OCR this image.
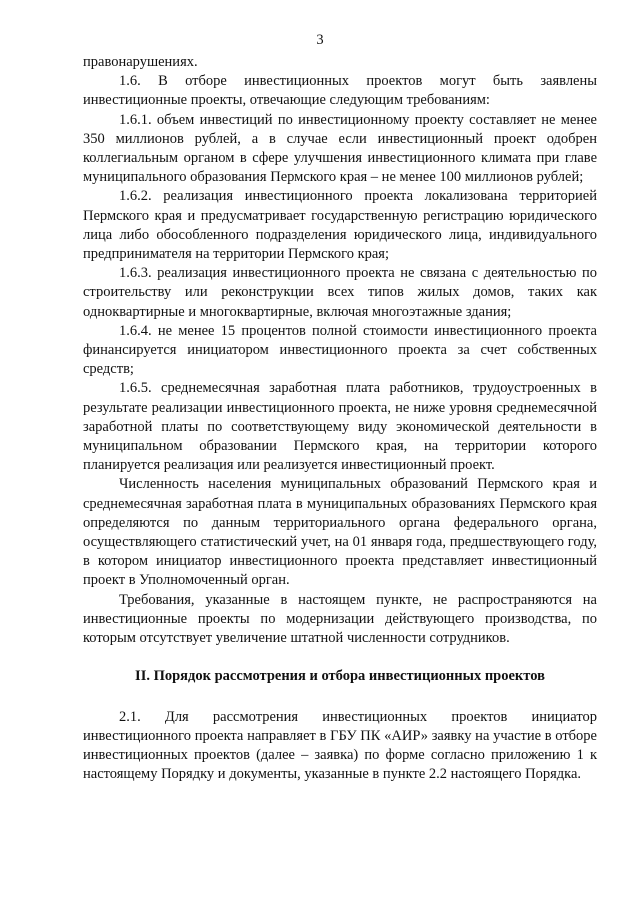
3

правонарушениях.

1.6. В отборе инвестиционных проектов могут быть заявлены инвестиционные проекты, отвечающие следующим требованиям:

1.6.1. объем инвестиций по инвестиционному проекту составляет не менее 350 миллионов рублей, а в случае если инвестиционный проект одобрен коллегиальным органом в сфере улучшения инвестиционного климата при главе муниципального образования Пермского края – не менее 100 миллионов рублей;

1.6.2. реализация инвестиционного проекта локализована территорией Пермского края и предусматривает государственную регистрацию юридического лица либо обособленного подразделения юридического лица, индивидуального предпринимателя на территории Пермского края;

1.6.3. реализация инвестиционного проекта не связана с деятельностью по строительству или реконструкции всех типов жилых домов, таких как одноквартирные и многоквартирные, включая многоэтажные здания;

1.6.4. не менее 15 процентов полной стоимости инвестиционного проекта финансируется инициатором инвестиционного проекта за счет собственных средств;

1.6.5. среднемесячная заработная плата работников, трудоустроенных в результате реализации инвестиционного проекта, не ниже уровня среднемесячной заработной платы по соответствующему виду экономической деятельности в муниципальном образовании Пермского края, на территории которого планируется реализация или реализуется инвестиционный проект.

Численность населения муниципальных образований Пермского края и среднемесячная заработная плата в муниципальных образованиях Пермского края определяются по данным территориального органа федерального органа, осуществляющего статистический учет, на 01 января года, предшествующего году, в котором инициатор инвестиционного проекта представляет инвестиционный проект в Уполномоченный орган.

Требования, указанные в настоящем пункте, не распространяются на инвестиционные проекты по модернизации действующего производства, по которым отсутствует увеличение штатной численности сотрудников.

II. Порядок рассмотрения и отбора инвестиционных проектов

2.1. Для рассмотрения инвестиционных проектов инициатор инвестиционного проекта направляет в ГБУ ПК «АИР» заявку на участие в отборе инвестиционных проектов (далее – заявка) по форме согласно приложению 1 к настоящему Порядку и документы, указанные в пункте 2.2 настоящего Порядка.
